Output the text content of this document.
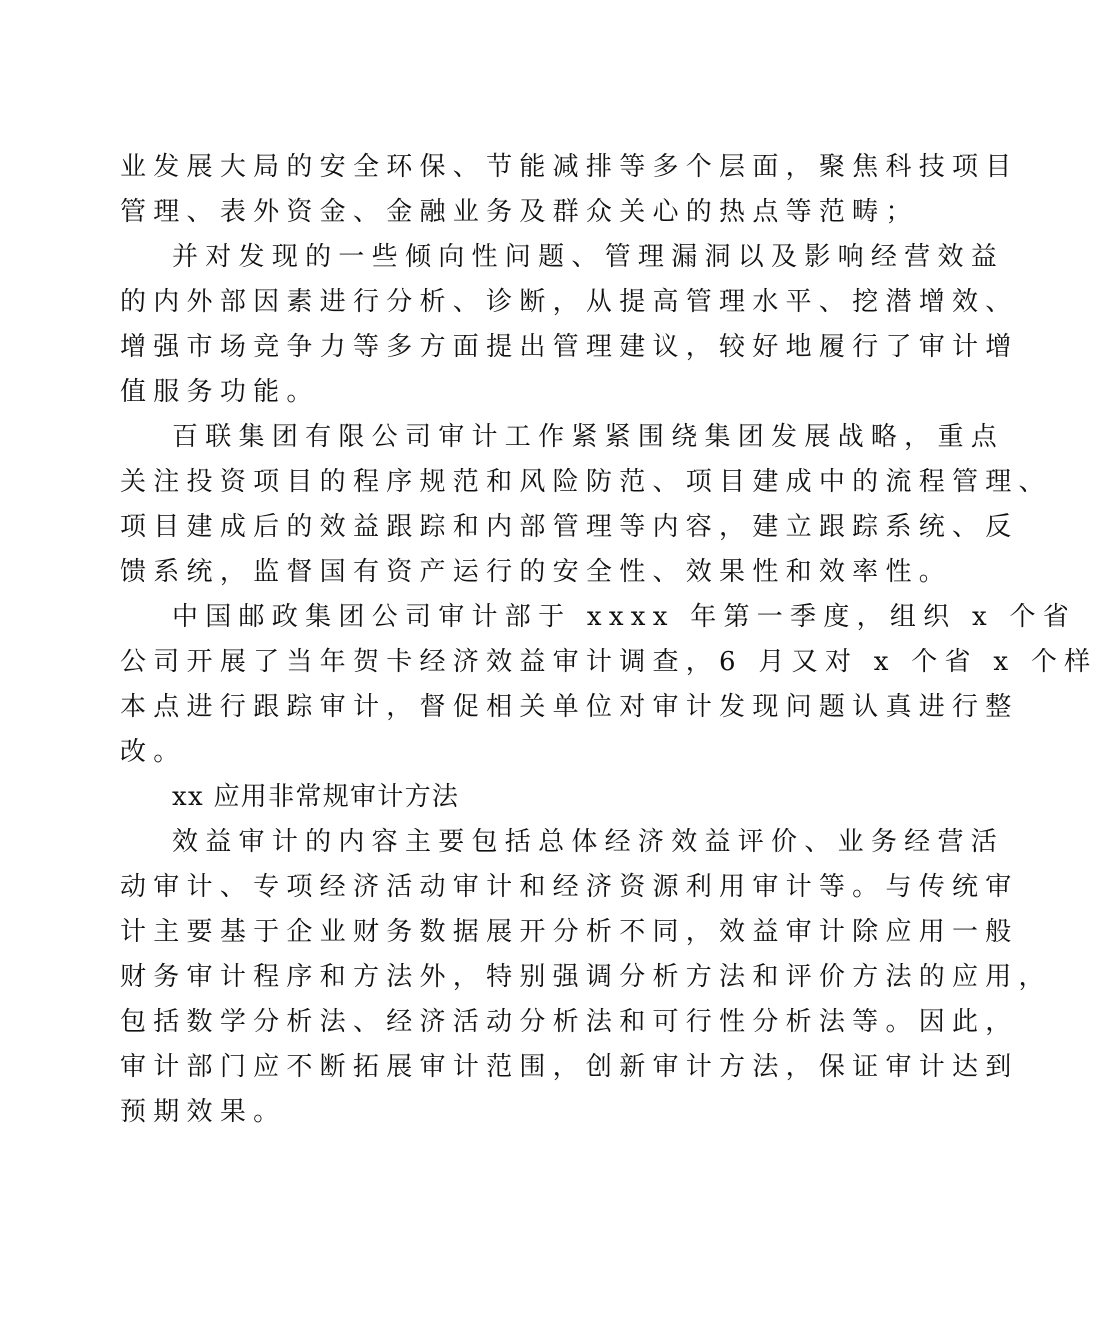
业发展大局的安全环保、节能减排等多个层面，聚焦科技项目
管理、表外资金、金融业务及群众关心的热点等范畴；
并对发现的一些倾向性问题、管理漏洞以及影响经营效益
的内外部因素进行分析、诊断，从提高管理水平、挖潜增效、
增强市场竞争力等多方面提出管理建议，较好地履行了审计增
值服务功能。
百联集团有限公司审计工作紧紧围绕集团发展战略，重点
关注投资项目的程序规范和风险防范、项目建成中的流程管理、
项目建成后的效益跟踪和内部管理等内容，建立跟踪系统、反
馈系统，监督国有资产运行的安全性、效果性和效率性。
中国邮政集团公司审计部于 xxxx 年第一季度，组织 x 个省
公司开展了当年贺卡经济效益审计调查，6 月又对 x 个省 x 个样
本点进行跟踪审计，督促相关单位对审计发现问题认真进行整
改。
xx 应用非常规审计方法
效益审计的内容主要包括总体经济效益评价、业务经营活
动审计、专项经济活动审计和经济资源利用审计等。与传统审
计主要基于企业财务数据展开分析不同，效益审计除应用一般
财务审计程序和方法外，特别强调分析方法和评价方法的应用，
包括数学分析法、经济活动分析法和可行性分析法等。因此，
审计部门应不断拓展审计范围，创新审计方法，保证审计达到
预期效果。
